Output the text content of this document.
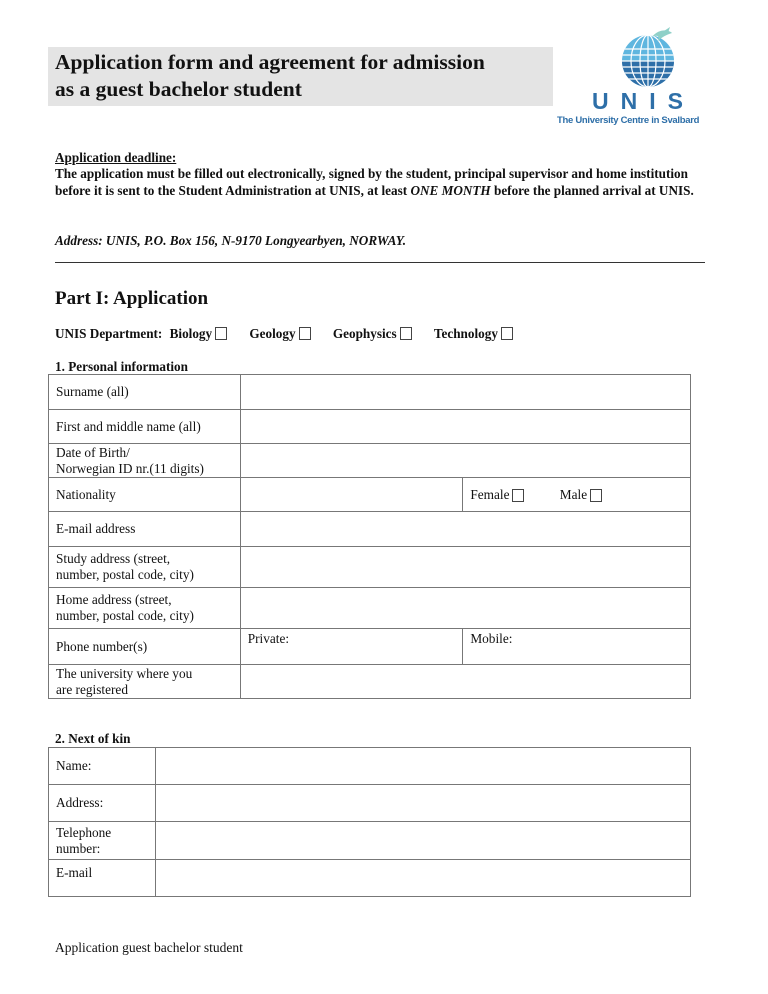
Application form and agreement for admission
as a guest bachelor student	UNIS
The University Centre in Svalbard
Application deadline:
The application must be filled out electronically, signed by the student, principal supervisor and home institution before it is sent to the Student Administration at UNIS, at least ONE MONTH before the planned arrival at UNIS.
Address: UNIS, P.O. Box 156, N-9170 Longyearbyen, NORWAY.
Part I: Application
UNIS Department: Biology	Geology	Geophysics	Technology
1. Personal information
Surname (all)		
First and middle name (all)		

Date of Birth/
Norwegian ID nr.(11 digits)		

Nationality		Female Male
E-mail address		

Study address (street,
number, postal code, city)		

Home address (street,
number, postal code, city)		

Phone number(s)	Private:	Mobile:

The university where you
are registered		

2. Next of kin
Name:	
Address:	

Telephone
number:	

E-mail	
Application guest bachelor student
